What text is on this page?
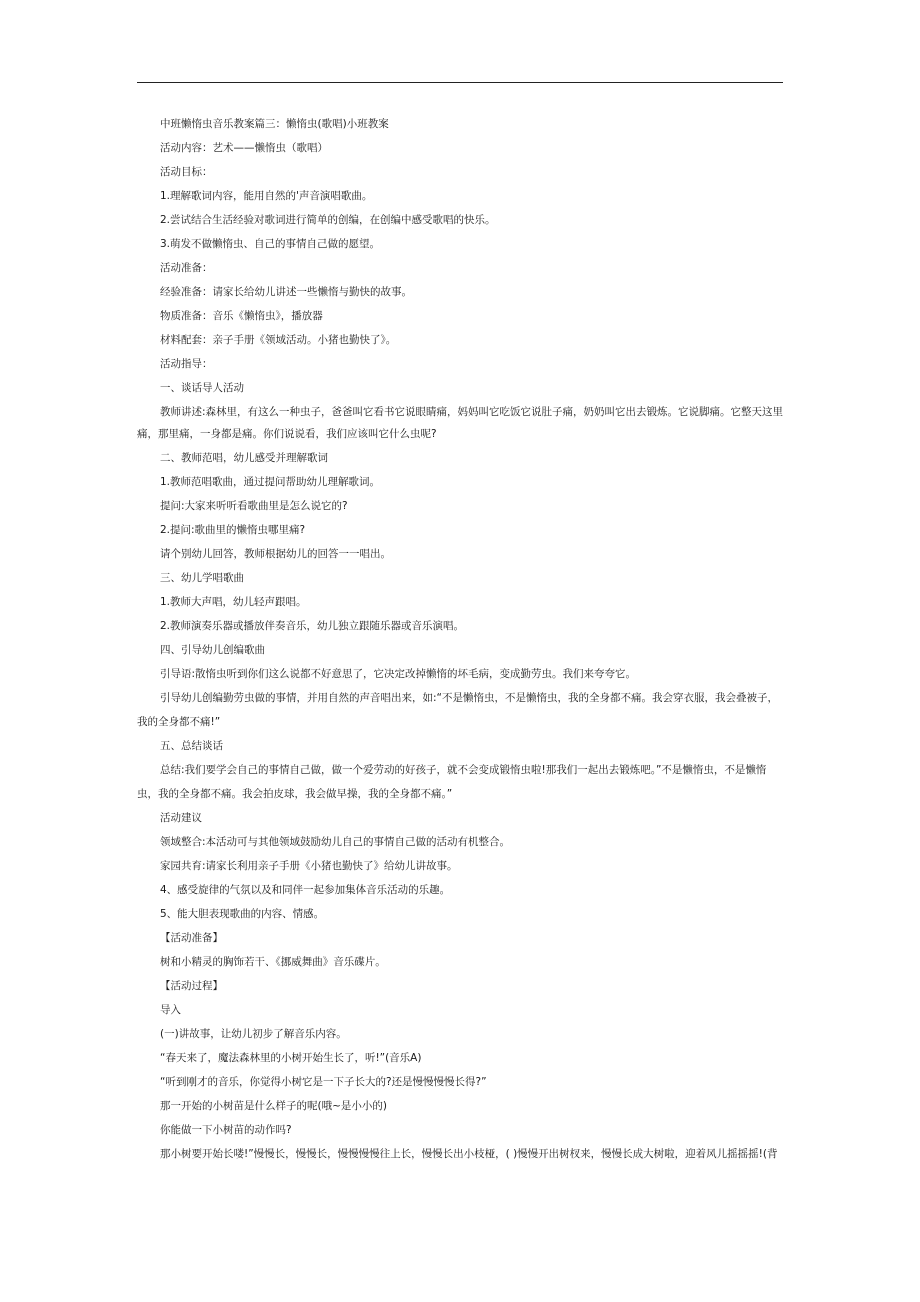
中班懒惰虫音乐教案篇三：懒惰虫(歌唱)小班教案

活动内容：艺术——懒惰虫（歌唱）

活动目标：

1.理解歌词内容，能用自然的'声音演唱歌曲。

2.尝试结合生活经验对歌词进行简单的创编，在创编中感受歌唱的快乐。

3.萌发不做懒惰虫、自己的事情自己做的愿望。

活动准备：

经验准备：请家长给幼儿讲述一些懒惰与勤快的故事。

物质准备：音乐《懒惰虫》，播放器

材料配套：亲子手册《领域活动。小猪也勤快了》。

活动指导：

一、谈话导人活动

教师讲述:森林里，有这么一种虫子，爸爸叫它看书它说眼睛痛，妈妈叫它吃饭它说肚子痛，奶奶叫它出去锻炼。它说脚痛。它整天这里痛，那里痛，一身都是痛。你们说说看，我们应该叫它什么虫呢?

二、教师范唱，幼儿感受并理解歌词

1.教师范唱歌曲，通过提问帮助幼儿理解歌词。

提问:大家来听听看歌曲里是怎么说它的?

2.提问:歌曲里的懒惰虫哪里痛?

请个别幼儿回答，教师根据幼儿的回答一一唱出。

三、幼儿学唱歌曲

1.教师大声唱，幼儿轻声跟唱。

2.教师演奏乐器或播放伴奏音乐，幼儿独立跟随乐器或音乐演唱。

四、引导幼儿创编歌曲

引导语:散惰虫听到你们这么说都不好意思了，它决定改掉懒惰的坏毛病，变成勤劳虫。我们来夸夸它。

引导幼儿创编勤劳虫做的事情，并用自然的声音唱出来，如:“不是懒惰虫，不是懒惰虫，我的全身都不痛。我会穿衣服，我会叠被子，我的全身都不痛!”

五、总结谈话

总结:我们要学会自己的事情自己做，做一个爱劳动的好孩子，就不会变成锻惰虫啦!那我们一起出去锻炼吧。”不是懒惰虫，不是懒惰虫，我的全身都不痛。我会拍皮球，我会做早操，我的全身都不痛。”

活动建议

领域整合:本活动可与其他领域鼓励幼儿自己的事情自己做的活动有机整合。

家园共育:请家长利用亲子手册《小猪也勤快了》给幼儿讲故事。

4、感受旋律的气氛以及和同伴一起参加集体音乐活动的乐趣。

5、能大胆表现歌曲的内容、情感。

【活动准备】

树和小精灵的胸饰若干、《挪威舞曲》音乐碟片。

【活动过程】

导入

(一)讲故事，让幼儿初步了解音乐内容。

“春天来了，魔法森林里的小树开始生长了，听!”(音乐A)

“听到刚才的音乐，你觉得小树它是一下子长大的?还是慢慢慢慢长得?”

那一开始的小树苗是什么样子的呢(哦~是小小的)

你能做一下小树苗的动作吗?

那小树要开始长喽!”慢慢长，慢慢长，慢慢慢慢往上长，慢慢长出小枝桠，( )慢慢开出树杈来，慢慢长成大树啦，迎着风儿摇摇摇!(背
